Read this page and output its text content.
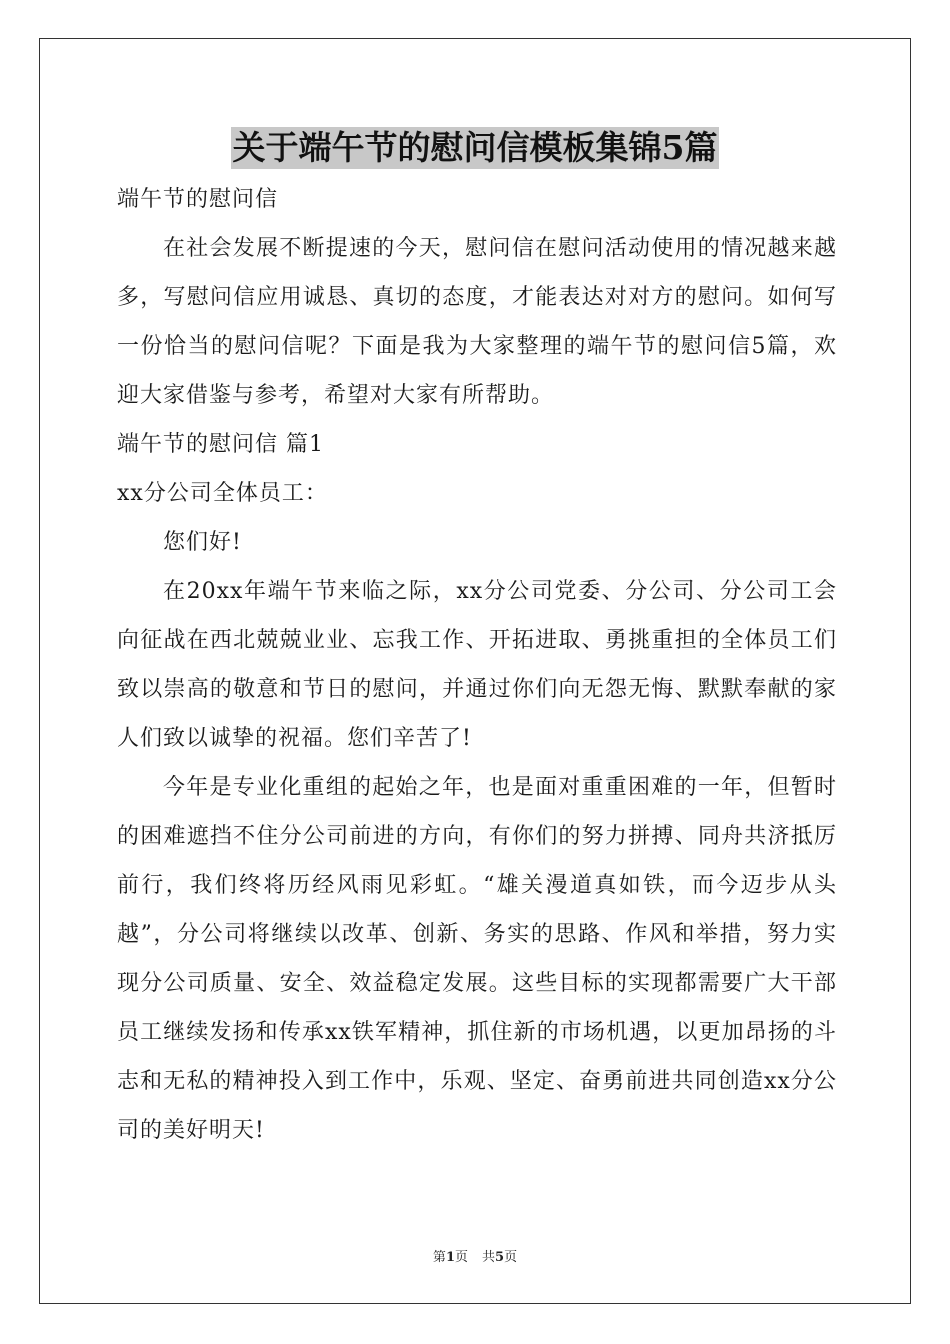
关于端午节的慰问信模板集锦5篇

端午节的慰问信

在社会发展不断提速的今天，慰问信在慰问活动使用的情况越来越多，写慰问信应用诚恳、真切的态度，才能表达对对方的慰问。如何写一份恰当的慰问信呢？下面是我为大家整理的端午节的慰问信5篇，欢迎大家借鉴与参考，希望对大家有所帮助。

端午节的慰问信 篇1

xx分公司全体员工：

您们好!

在20xx年端午节来临之际，xx分公司党委、分公司、分公司工会向征战在西北兢兢业业、忘我工作、开拓进取、勇挑重担的全体员工们致以崇高的敬意和节日的慰问，并通过你们向无怨无悔、默默奉献的家人们致以诚挚的祝福。您们辛苦了!

今年是专业化重组的起始之年，也是面对重重困难的一年，但暂时的困难遮挡不住分公司前进的方向，有你们的努力拼搏、同舟共济抵厉前行，我们终将历经风雨见彩虹。“雄关漫道真如铁，而今迈步从头越”，分公司将继续以改革、创新、务实的思路、作风和举措，努力实现分公司质量、安全、效益稳定发展。这些目标的实现都需要广大干部员工继续发扬和传承xx铁军精神，抓住新的市场机遇，以更加昂扬的斗志和无私的精神投入到工作中，乐观、坚定、奋勇前进共同创造xx分公司的美好明天!

第1页 共5页
